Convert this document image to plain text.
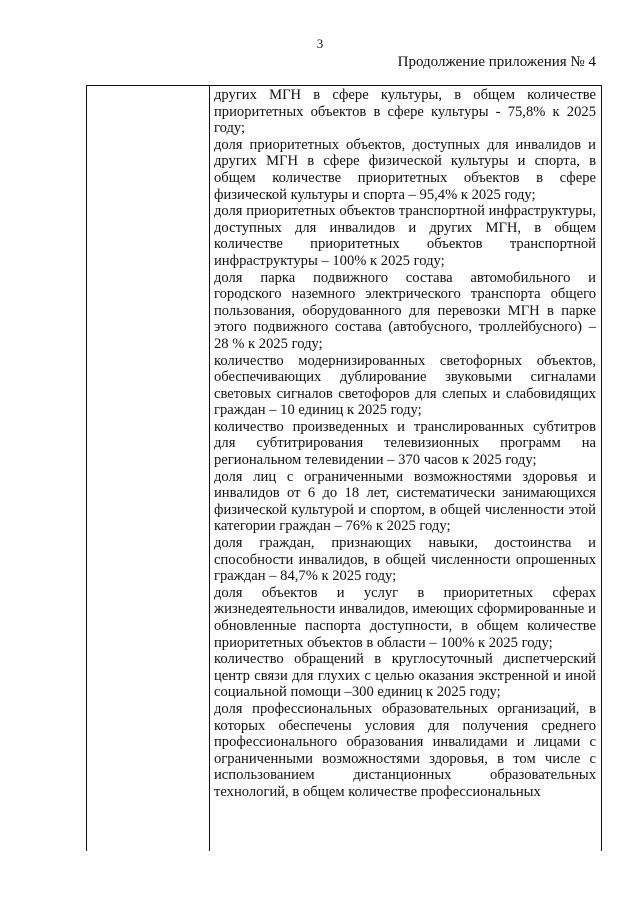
3
Продолжение приложения № 4

других МГН в сфере культуры, в общем количестве приоритетных объектов в сфере культуры - 75,8% к 2025 году;

доля приоритетных объектов, доступных для инвалидов и других МГН в сфере физической культуры и спорта, в общем количестве приоритетных объектов в сфере физической культуры и спорта – 95,4% к 2025 году;

доля приоритетных объектов транспортной инфраструктуры, доступных для инвалидов и других МГН, в общем количестве приоритетных объектов транспортной инфраструктуры – 100% к 2025 году;

доля парка подвижного состава автомобильного и городского наземного электрического транспорта общего пользования, оборудованного для перевозки МГН в парке этого подвижного состава (автобусного, троллейбусного) – 28 % к 2025 году;

количество модернизированных светофорных объектов, обеспечивающих дублирование звуковыми сигналами световых сигналов светофоров для слепых и слабовидящих граждан – 10 единиц к 2025 году;

количество произведенных и транслированных субтитров для субтитрирования телевизионных программ на региональном телевидении – 370 часов к 2025 году;

доля лиц с ограниченными возможностями здоровья и инвалидов от 6 до 18 лет, систематически занимающихся физической культурой и спортом, в общей численности этой категории граждан – 76% к 2025 году;

доля граждан, признающих навыки, достоинства и способности инвалидов, в общей численности опрошенных граждан – 84,7% к 2025 году;

доля объектов и услуг в приоритетных сферах жизнедеятельности инвалидов, имеющих сформированные и обновленные паспорта доступности, в общем количестве приоритетных объектов в области – 100% к 2025 году;

количество обращений в круглосуточный диспетчерский центр связи для глухих с целью оказания экстренной и иной социальной помощи –300 единиц к 2025 году;

доля профессиональных образовательных организаций, в которых обеспечены условия для получения среднего профессионального образования инвалидами и лицами с ограниченными возможностями здоровья, в том числе с использованием дистанционных образовательных технологий, в общем количестве профессиональных
